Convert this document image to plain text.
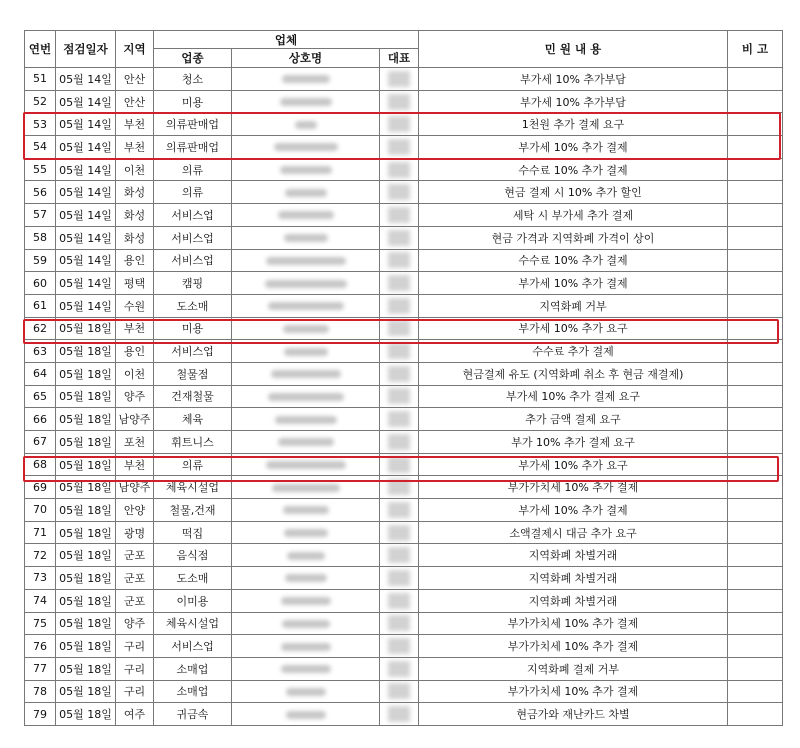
연번	점검일자	지역	업체			민 원 내 용	비 고
			업종	상호명	대표		
51	05월 14일	안산	청소			부가세 10% 추가부담	
52	05월 14일	안산	미용			부가세 10% 추가부담	
53	05월 14일	부천	의류판매업			1천원 추가 결제 요구	
54	05월 14일	부천	의류판매업			부가세 10% 추가 결제	
55	05월 14일	이천	의류			수수료 10% 추가 결제	
56	05월 14일	화성	의류			현금 결제 시 10% 추가 할인	
57	05월 14일	화성	서비스업			세탁 시 부가세 추가 결제	
58	05월 14일	화성	서비스업			현금 가격과 지역화폐 가격이 상이	
59	05월 14일	용인	서비스업			수수료 10% 추가 결제	
60	05월 14일	평택	캠핑			부가세 10% 추가 결제	
61	05월 14일	수원	도소매			지역화폐 거부	
62	05월 18일	부천	미용			부가세 10% 추가 요구	
63	05월 18일	용인	서비스업			수수료 추가 결제	
64	05월 18일	이천	철물점			현금결제 유도 (지역화폐 취소 후 현금 재결제)	
65	05월 18일	양주	건재철물			부가세 10% 추가 결제 요구	
66	05월 18일	남양주	체육			추가 금액 결제 요구	
67	05월 18일	포천	휘트니스			부가 10% 추가 결제 요구	
68	05월 18일	부천	의류			부가세 10% 추가 요구	
69	05월 18일	남양주	체육시설업			부가가치세 10% 추가 결제	
70	05월 18일	안양	철물,건재			부가세 10% 추가 결제	
71	05월 18일	광명	떡집			소액결제시 대금 추가 요구	
72	05월 18일	군포	음식점			지역화폐 차별거래	
73	05월 18일	군포	도소매			지역화폐 차별거래	
74	05월 18일	군포	이미용			지역화폐 차별거래	
75	05월 18일	양주	체육시설업			부가가치세 10% 추가 결제	
76	05월 18일	구리	서비스업			부가가치세 10% 추가 결제	
77	05월 18일	구리	소매업			지역화폐 결제 거부	
78	05월 18일	구리	소매업			부가가치세 10% 추가 결제	
79	05월 18일	여주	귀금속			현금가와 재난카드 차별	
